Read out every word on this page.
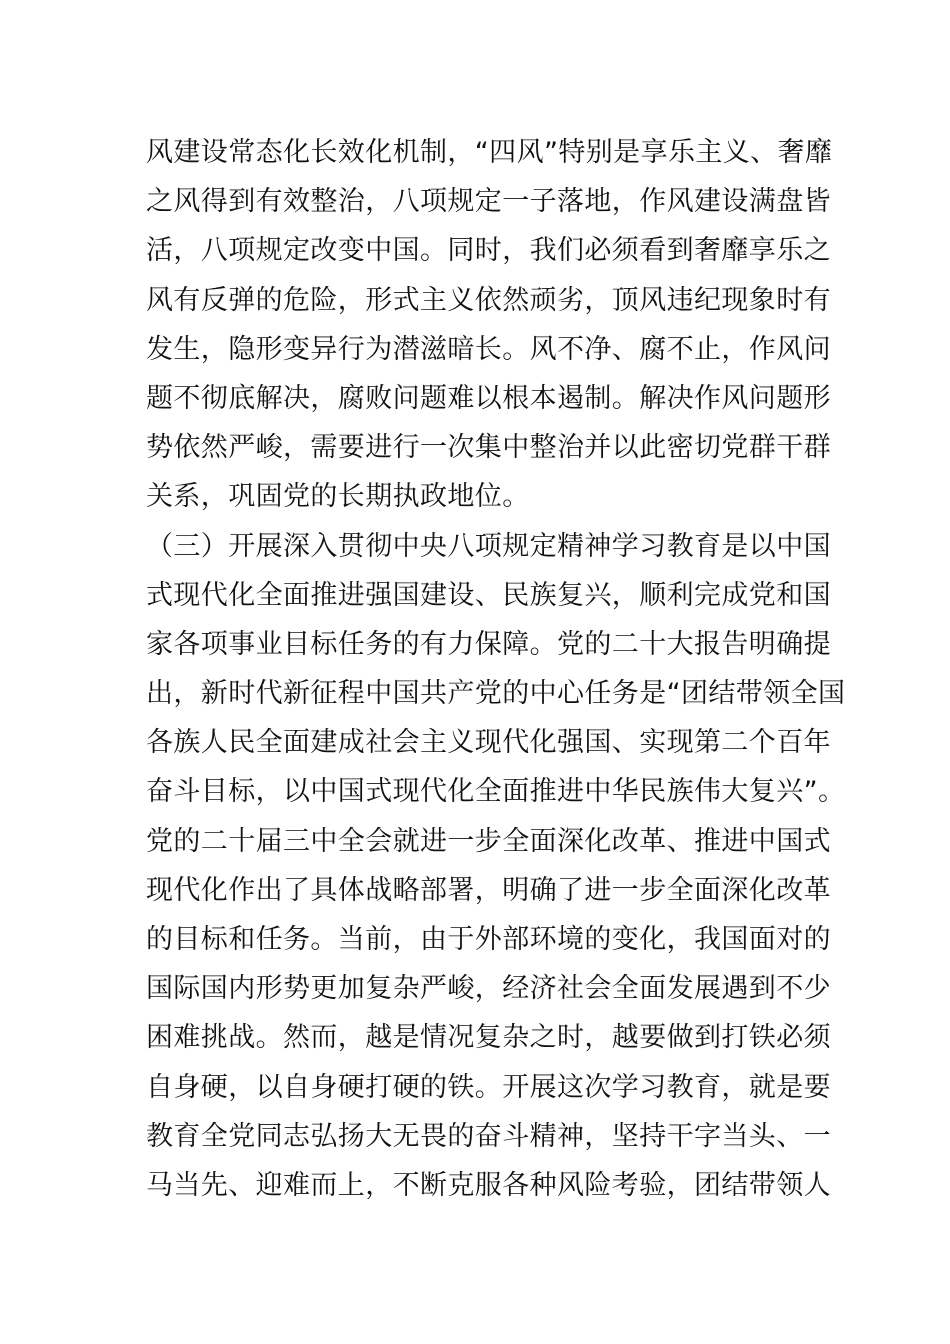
风建设常态化长效化机制，“四风”特别是享乐主义、奢靡
之风得到有效整治，八项规定一子落地，作风建设满盘皆
活，八项规定改变中国。同时，我们必须看到奢靡享乐之
风有反弹的危险，形式主义依然顽劣，顶风违纪现象时有
发生，隐形变异行为潜滋暗长。风不净、腐不止，作风问
题不彻底解决，腐败问题难以根本遏制。解决作风问题形
势依然严峻，需要进行一次集中整治并以此密切党群干群
关系，巩固党的长期执政地位。
（三）开展深入贯彻中央八项规定精神学习教育是以中国
式现代化全面推进强国建设、民族复兴，顺利完成党和国
家各项事业目标任务的有力保障。党的二十大报告明确提
出，新时代新征程中国共产党的中心任务是“团结带领全国
各族人民全面建成社会主义现代化强国、实现第二个百年
奋斗目标，以中国式现代化全面推进中华民族伟大复兴”。
党的二十届三中全会就进一步全面深化改革、推进中国式
现代化作出了具体战略部署，明确了进一步全面深化改革
的目标和任务。当前，由于外部环境的变化，我国面对的
国际国内形势更加复杂严峻，经济社会全面发展遇到不少
困难挑战。然而，越是情况复杂之时，越要做到打铁必须
自身硬，以自身硬打硬的铁。开展这次学习教育，就是要
教育全党同志弘扬大无畏的奋斗精神，坚持干字当头、一
马当先、迎难而上，不断克服各种风险考验，团结带领人
